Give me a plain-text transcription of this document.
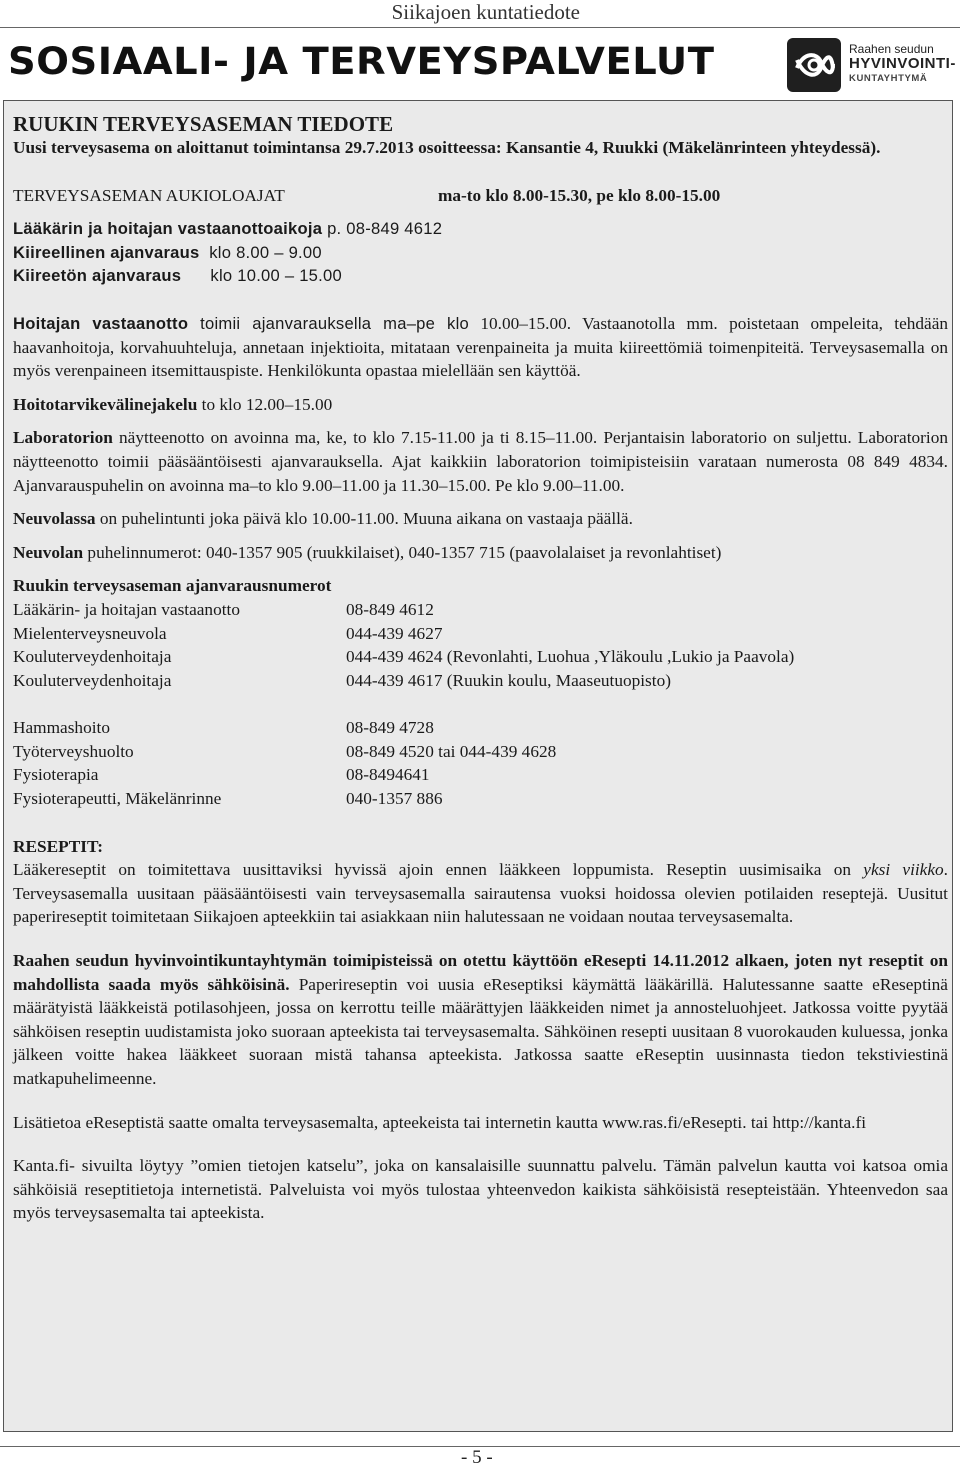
Siikajoen kuntatiedote
SOSIAALI- JA TERVEYSPALVELUT	Raahen seudun
HYVINVOINTI-
KUNTAYHTYMÄ

RUUKIN TERVEYSASEMAN TIEDOTE

Uusi terveysasema on aloittanut toimintansa 29.7.2013 osoitteessa: Kansantie 4, Ruukki (Mäkelänrinteen yhteydessä).

TERVEYSASEMAN AUKIOLOAJAT	ma-to klo 8.00-15.30, pe klo 8.00-15.00

Lääkärin ja hoitajan vastaanottoaikoja p. 08-849 4612

Kiireellinen ajanvaraus  klo 8.00 – 9.00

Kiireetön ajanvaraus      klo 10.00 – 15.00

Hoitajan vastaanotto toimii ajanvarauksella ma–pe klo 10.00–15.00. Vastaanotolla mm. poistetaan ompeleita, tehdään haavanhoitoja, korvahuuhteluja, annetaan injektioita, mitataan verenpaineita ja muita kiireettömiä toimenpiteitä. Terveysasemalla on myös verenpaineen itsemittauspiste. Henkilökunta opastaa mielellään sen käyttöä.

Hoitotarvikevälinejakelu to klo 12.00–15.00

Laboratorion näytteenotto on avoinna ma, ke, to klo 7.15-11.00 ja ti 8.15–11.00. Perjantaisin laboratorio on suljettu. Laboratorion näytteenotto toimii pääsääntöisesti ajanvarauksella. Ajat kaikkiin laboratorion toimipisteisiin varataan numerosta 08 849 4834. Ajanvarauspuhelin on avoinna ma–to klo 9.00–11.00 ja 11.30–15.00. Pe klo 9.00–11.00.

Neuvolassa on puhelintunti joka päivä klo 10.00-11.00. Muuna aikana on vastaaja päällä.

Neuvolan puhelinnumerot: 040-1357 905 (ruukkilaiset), 040-1357 715 (paavolalaiset ja revonlahtiset)

Ruukin terveysaseman ajanvarausnumerot

Lääkärin- ja hoitajan vastaanotto	08-849 4612
Mielenterveysneuvola	044-439 4627
Kouluterveydenhoitaja	044-439 4624 (Revonlahti, Luohua ,Yläkoulu ,Lukio ja Paavola)
Kouluterveydenhoitaja	044-439 4617 (Ruukin koulu, Maaseutuopisto)
Hammashoito	08-849 4728
Työterveyshuolto	08-849 4520 tai 044-439 4628
Fysioterapia	08-8494641
Fysioterapeutti, Mäkelänrinne	040-1357 886

RESEPTIT:

Lääkereseptit on toimitettava uusittaviksi hyvissä ajoin ennen lääkkeen loppumista. Reseptin uusimisaika on yksi viikko. Terveysasemalla uusitaan pääsääntöisesti vain terveysasemalla sairautensa vuoksi hoidossa olevien potilaiden reseptejä. Uusitut paperireseptit toimitetaan Siikajoen apteekkiin tai asiakkaan niin halutessaan ne voidaan noutaa terveysasemalta.

Raahen seudun hyvinvointikuntayhtymän toimipisteissä on otettu käyttöön eResepti 14.11.2012 alkaen, joten nyt reseptit on mahdollista saada myös sähköisinä. Paperireseptin voi uusia eReseptiksi käymättä lääkärillä. Halutessanne saatte eReseptinä määrätyistä lääkkeistä potilasohjeen, jossa on kerrottu teille määrättyjen lääkkeiden nimet ja annosteluohjeet. Jatkossa voitte pyytää sähköisen reseptin uudistamista joko suoraan apteekista tai terveysasemalta. Sähköinen resepti uusitaan 8 vuorokauden kuluessa, jonka jälkeen voitte hakea lääkkeet suoraan mistä tahansa apteekista. Jatkossa saatte eReseptin uusinnasta tiedon tekstiviestinä matkapuhelimeenne.

Lisätietoa eReseptistä saatte omalta terveysasemalta, apteekeista tai internetin kautta www.ras.fi/eResepti. tai http://kanta.fi

Kanta.fi- sivuilta löytyy ”omien tietojen katselu”, joka on kansalaisille suunnattu palvelu. Tämän palvelun kautta voi katsoa omia sähköisiä reseptitietoja internetistä. Palveluista voi myös tulostaa yhteenvedon kaikista sähköisistä resepteistään. Yhteenvedon saa myös terveysasemalta tai apteekista.

- 5 -
